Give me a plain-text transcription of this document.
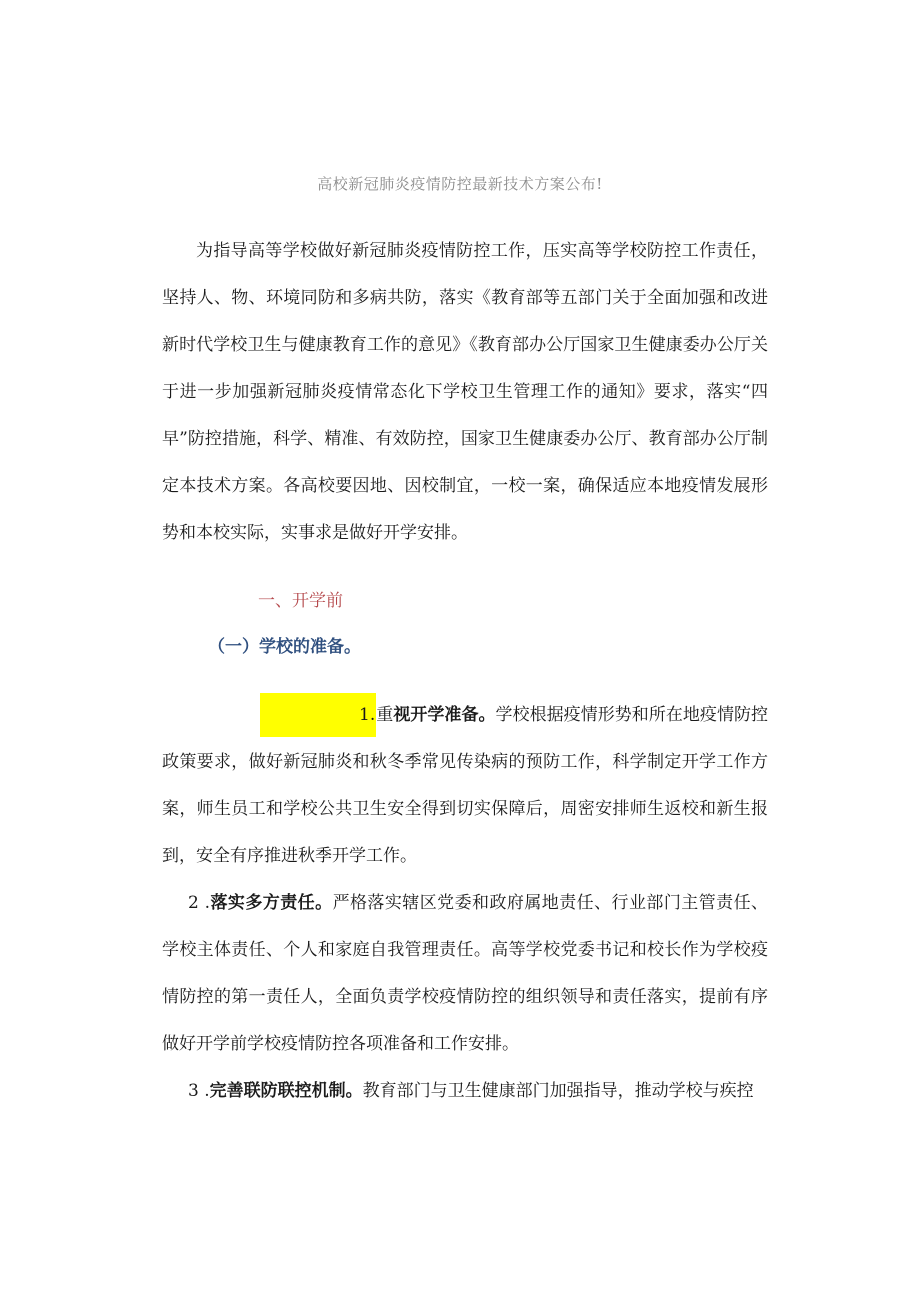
高校新冠肺炎疫情防控最新技术方案公布!

为指导高等学校做好新冠肺炎疫情防控工作，压实高等学校防控工作责任，坚持人、物、环境同防和多病共防，落实《教育部等五部门关于全面加强和改进新时代学校卫生与健康教育工作的意见》《教育部办公厅国家卫生健康委办公厅关于进一步加强新冠肺炎疫情常态化下学校卫生管理工作的通知》要求，落实“四早”防控措施，科学、精准、有效防控，国家卫生健康委办公厅、教育部办公厅制定本技术方案。各高校要因地、因校制宜，一校一案，确保适应本地疫情发展形势和本校实际，实事求是做好开学安排。

一、开学前
（一）学校的准备。

1.重视开学准备。学校根据疫情形势和所在地疫情防控政策要求，做好新冠肺炎和秋冬季常见传染病的预防工作，科学制定开学工作方案，师生员工和学校公共卫生安全得到切实保障后，周密安排师生返校和新生报到，安全有序推进秋季开学工作。

2 .落实多方责任。严格落实辖区党委和政府属地责任、行业部门主管责任、学校主体责任、个人和家庭自我管理责任。高等学校党委书记和校长作为学校疫情防控的第一责任人，全面负责学校疫情防控的组织领导和责任落实，提前有序做好开学前学校疫情防控各项准备和工作安排。

3 .完善联防联控机制。教育部门与卫生健康部门加强指导，推动学校与疾控
